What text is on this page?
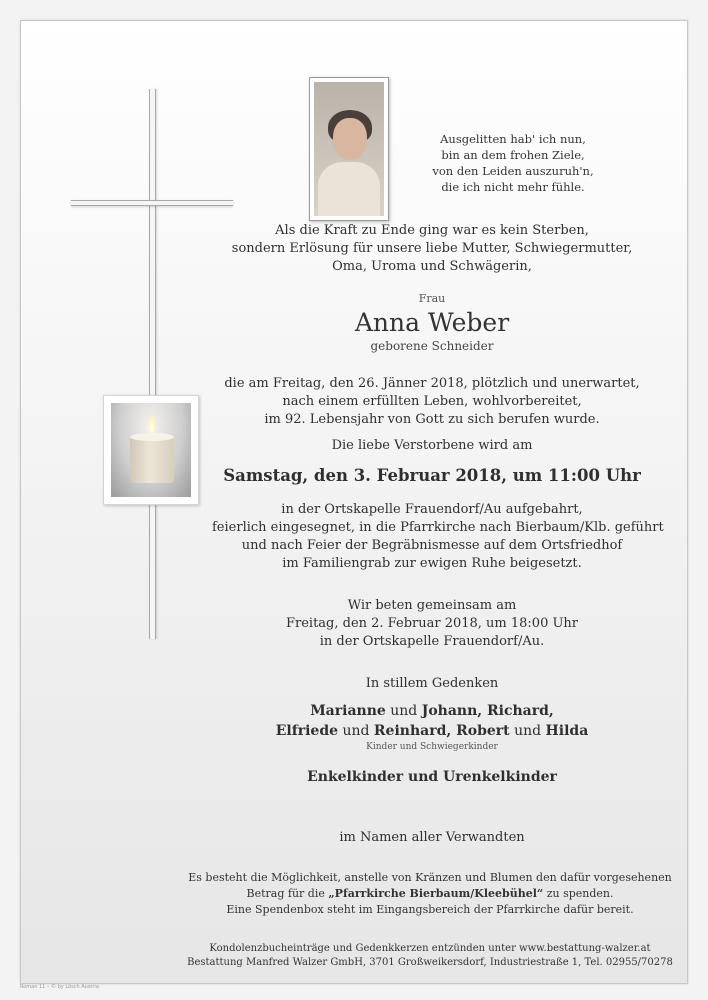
Ausgelitten hab' ich nun,
bin an dem frohen Ziele,
von den Leiden auszuruh'n,
die ich nicht mehr fühle.
Als die Kraft zu Ende ging war es kein Sterben,
sondern Erlösung für unsere liebe Mutter, Schwiegermutter,
Oma, Uroma und Schwägerin,
Frau
Anna Weber
geborene Schneider
die am Freitag, den 26. Jänner 2018, plötzlich und unerwartet,
nach einem erfüllten Leben, wohlvorbereitet,
im 92. Lebensjahr von Gott zu sich berufen wurde.
Die liebe Verstorbene wird am
Samstag, den 3. Februar 2018, um 11:00 Uhr
in der Ortskapelle Frauendorf/Au aufgebahrt,
feierlich eingesegnet, in die Pfarrkirche nach Bierbaum/Klb. geführt
und nach Feier der Begräbnismesse auf dem Ortsfriedhof
im Familiengrab zur ewigen Ruhe beigesetzt.
Wir beten gemeinsam am
Freitag, den 2. Februar 2018, um 18:00 Uhr
in der Ortskapelle Frauendorf/Au.
In stillem Gedenken
Marianne und Johann, Richard,
Elfriede und Reinhard, Robert und Hilda
Kinder und Schwiegerkinder
Enkelkinder und Urenkelkinder
im Namen aller Verwandten
Es besteht die Möglichkeit, anstelle von Kränzen und Blumen den dafür vorgesehenen
Betrag für die „Pfarrkirche Bierbaum/Kleebühel“ zu spenden.
Eine Spendenbox steht im Eingangsbereich der Pfarrkirche dafür bereit.
Kondolenzbucheinträge und Gedenkkerzen entzünden unter www.bestattung-walzer.at
Bestattung Manfred Walzer GmbH, 3701 Großweikersdorf, Industriestraße 1, Tel. 02955/70278
Roman 11 – © by Lösch Austria
